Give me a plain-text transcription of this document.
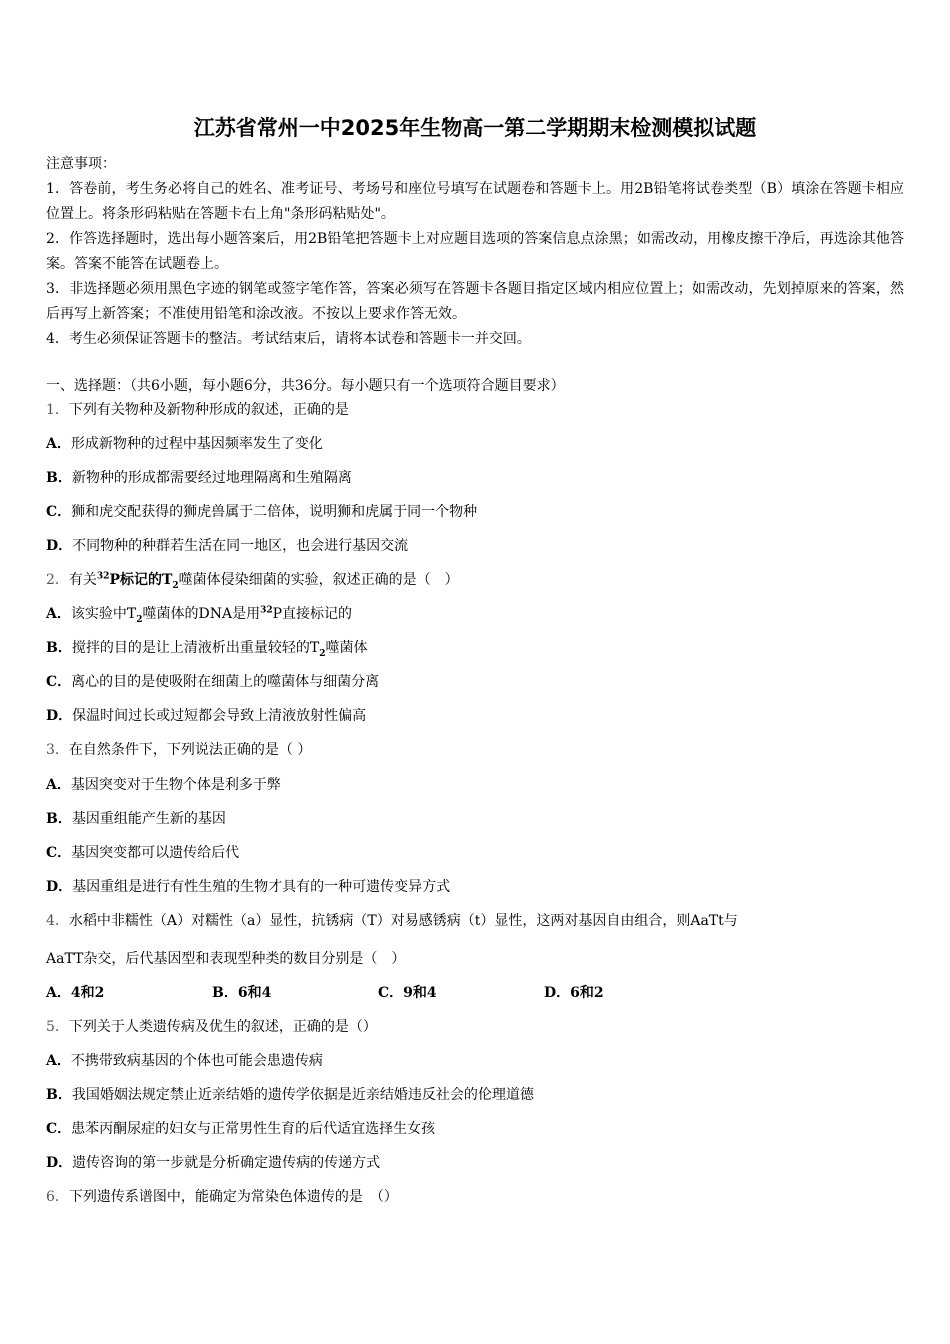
江苏省常州一中2025年生物高一第二学期期末检测模拟试题

注意事项：

1．答卷前，考生务必将自己的姓名、准考证号、考场号和座位号填写在试题卷和答题卡上。用2B铅笔将试卷类型（B）填涂在答题卡相应位置上。将条形码粘贴在答题卡右上角"条形码粘贴处"。

2．作答选择题时，选出每小题答案后，用2B铅笔把答题卡上对应题目选项的答案信息点涂黑；如需改动，用橡皮擦干净后，再选涂其他答案。答案不能答在试题卷上。

3．非选择题必须用黑色字迹的钢笔或签字笔作答，答案必须写在答题卡各题目指定区域内相应位置上；如需改动，先划掉原来的答案，然后再写上新答案；不准使用铅笔和涂改液。不按以上要求作答无效。

4．考生必须保证答题卡的整洁。考试结束后，请将本试卷和答题卡一并交回。

一、选择题：（共6小题，每小题6分，共36分。每小题只有一个选项符合题目要求）
1．下列有关物种及新物种形成的叙述，正确的是
A．形成新物种的过程中基因频率发生了变化
B．新物种的形成都需要经过地理隔离和生殖隔离
C．狮和虎交配获得的狮虎兽属于二倍体，说明狮和虎属于同一个物种
D．不同物种的种群若生活在同一地区，也会进行基因交流
2．有关$^{32}$P标记的$T_2$噬菌体侵染细菌的实验，叙述正确的是（　）
A．该实验中$T_2$噬菌体的DNA是用$^{32}$P直接标记的
B．搅拌的目的是让上清液析出重量较轻的$T_2$噬菌体
C．离心的目的是使吸附在细菌上的噬菌体与细菌分离
D．保温时间过长或过短都会导致上清液放射性偏高
3．在自然条件下，下列说法正确的是（ ）
A．基因突变对于生物个体是利多于弊
B．基因重组能产生新的基因
C．基因突变都可以遗传给后代
D．基因重组是进行有性生殖的生物才具有的一种可遗传变异方式
4．水稻中非糯性（A）对糯性（a）显性，抗锈病（T）对易感锈病（t）显性，这两对基因自由组合，则AaTt与
AaTT杂交，后代基因型和表现型种类的数目分别是（　）
A．4和2	B．6和4	C．9和4	D．6和2
5．下列关于人类遗传病及优生的叙述，正确的是（）
A．不携带致病基因的个体也可能会患遗传病
B．我国婚姻法规定禁止近亲结婚的遗传学依据是近亲结婚违反社会的伦理道德
C．患苯丙酮尿症的妇女与正常男性生育的后代适宜选择生女孩
D．遗传咨询的第一步就是分析确定遗传病的传递方式
6．下列遗传系谱图中，能确定为常染色体遗传的是　（）
